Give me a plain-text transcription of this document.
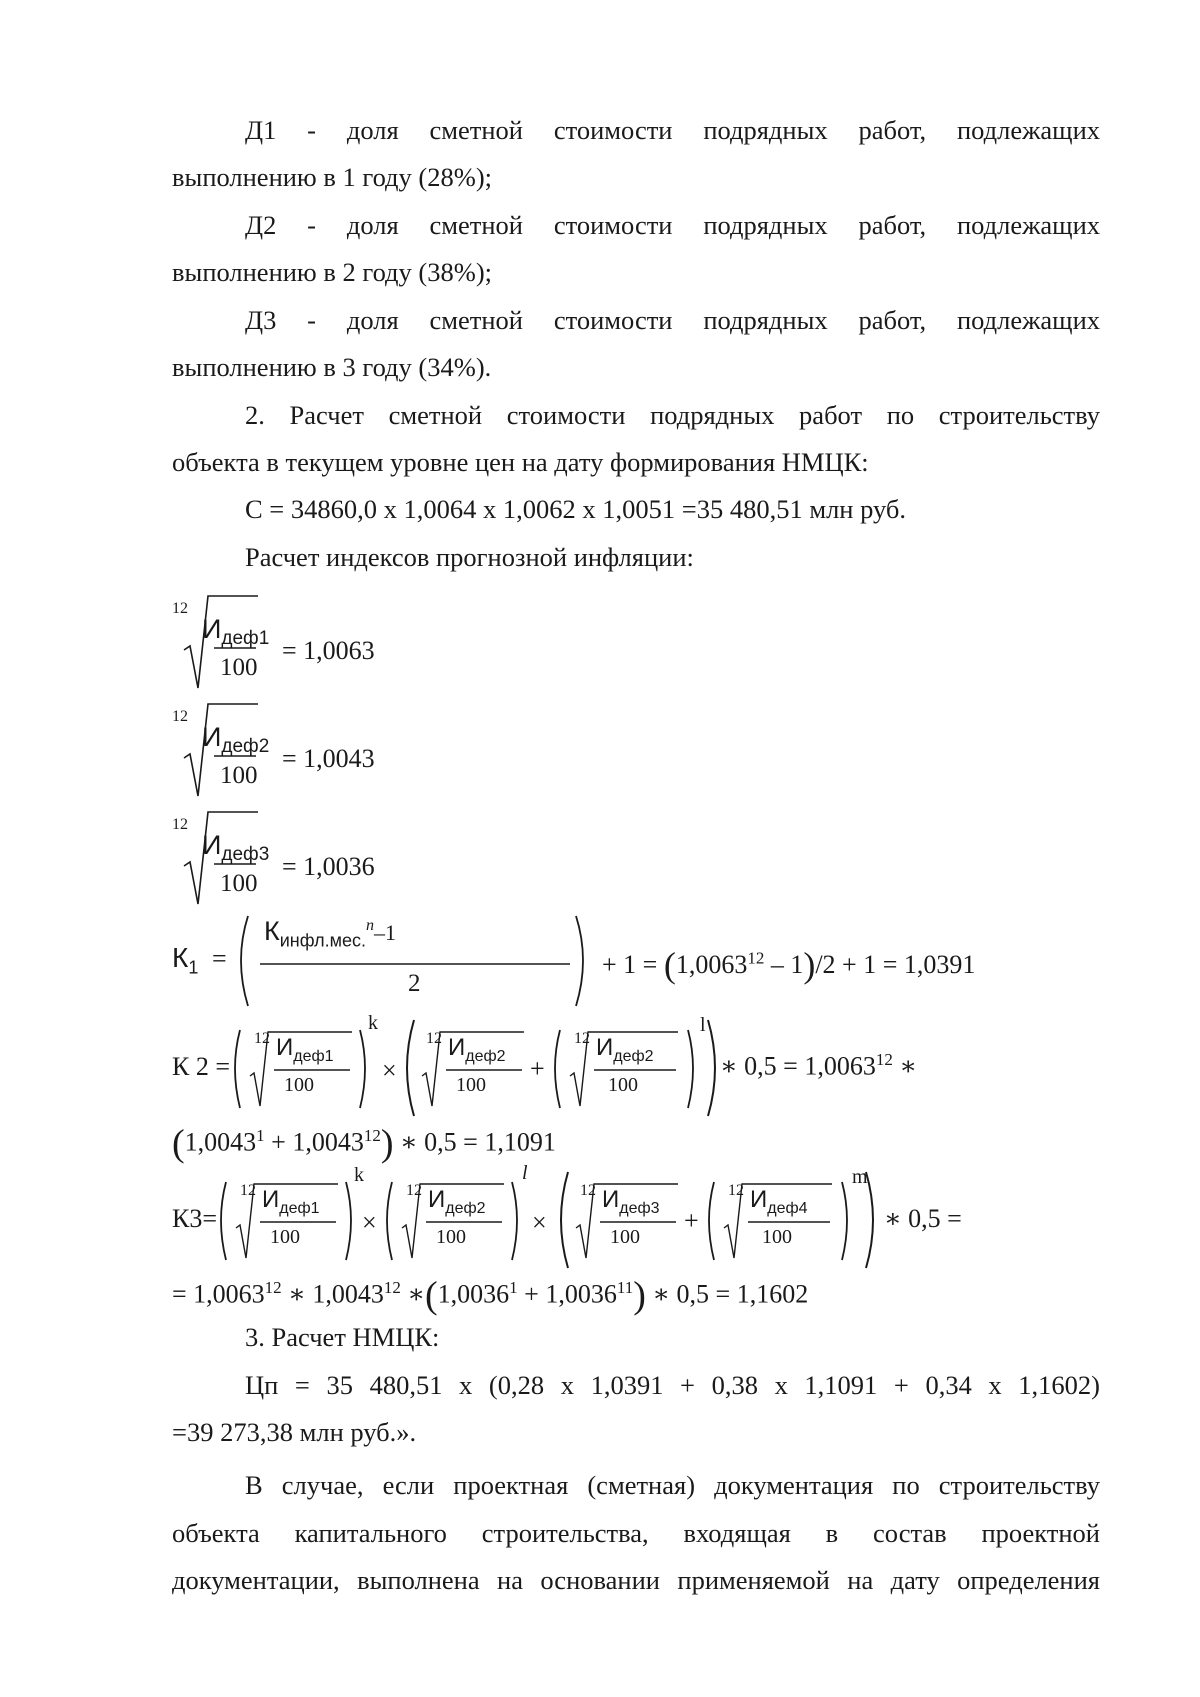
Д1 - доля сметной стоимости подрядных работ, подлежащих
выполнению в 1 году (28%);
Д2 - доля сметной стоимости подрядных работ, подлежащих
выполнению в 2 году (38%);
Д3 - доля сметной стоимости подрядных работ, подлежащих
выполнению в 3 году (34%).
2. Расчет сметной стоимости подрядных работ по строительству
объекта в текущем уровне цен на дату формирования НМЦК:
С = 34860,0 х 1,0064 х 1,0062 х 1,0051 =35 480,51 млн руб.
Расчет индексов прогнозной инфляции:
12
$И_{деф1}$
100
= 1,0063
12
$И_{деф2}$
100
= 1,0043
12
$И_{деф3}$
100
= 1,0036
$К_1$ =
$К_{инфл.мес.}^n-1$
2
+ $1 = (1,0063^{12} - 1)/2 + 1 = 1,0391$
К 2 =
12 $И_{деф1}$
100
k
×
12 $И_{деф2}$
100
+
12 $И_{деф2}$
100
l
∗ $0,5 = 1,0063^{12}$ ∗
$(1,0043^1 + 1,0043^{12})$ ∗ 0,5 = 1,1091
К3=
12 $И_{деф1}$
100
k
×
12 $И_{деф2}$
100
l
×
12 $И_{деф3}$
100
+
12 $И_{деф4}$
100
m
∗ 0,5 =
= $1,0063^{12}$ ∗ 1,0043$^{12}$ $∗(1,0036^1 + 1,0036^{11})$ ∗ 0,5 = 1,1602
3. Расчет НМЦК:
Цп = 35 480,51 х (0,28 х 1,0391 + 0,38 х 1,1091 + 0,34 х 1,1602)
=39 273,38 млн руб.».
В случае, если проектная (сметная) документация по строительству
объекта капитального строительства, входящая в состав проектной
документации, выполнена на основании применяемой на дату определения
